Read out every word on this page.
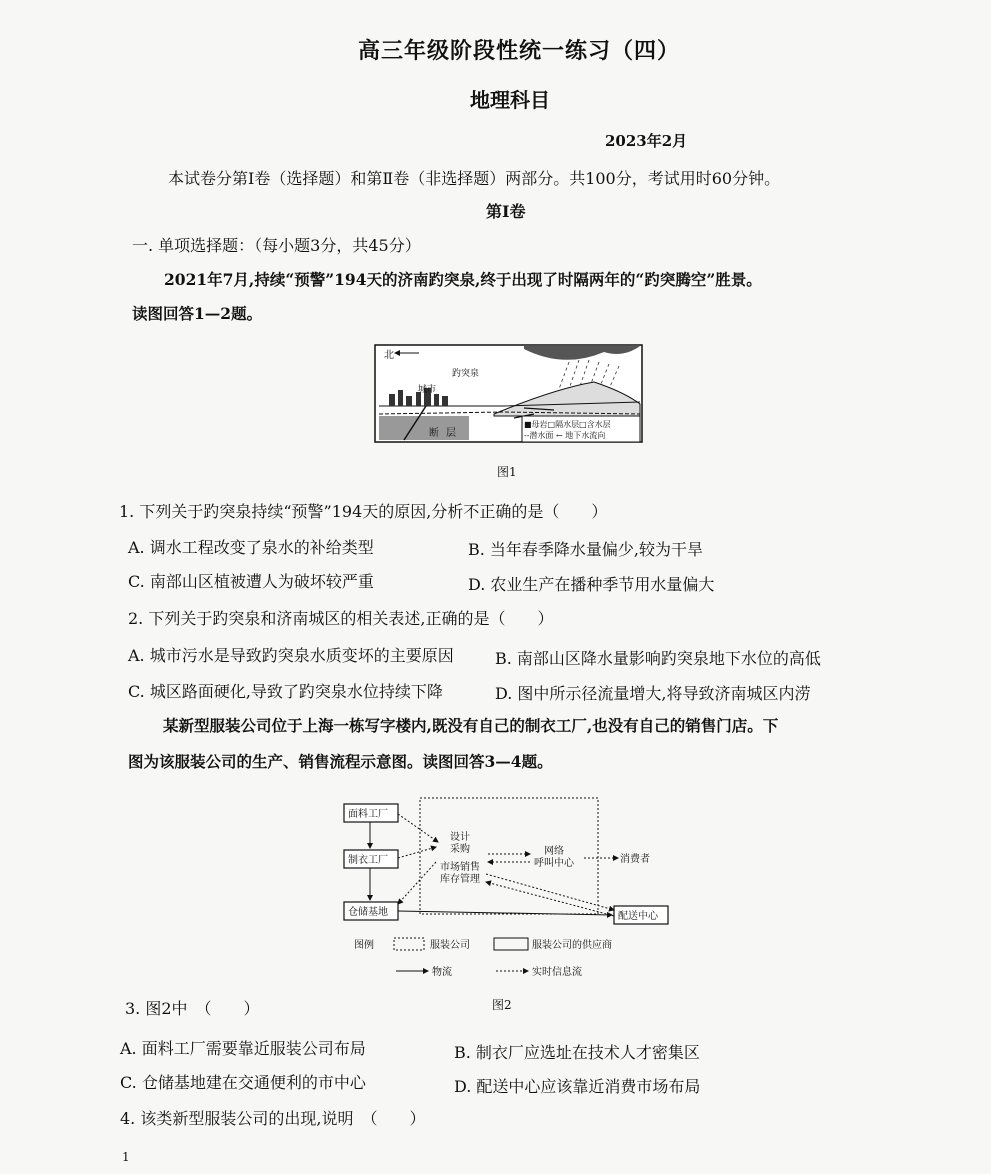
高三年级阶段性统一练习（四）
地理科目
2023年2月
本试卷分第Ⅰ卷（选择题）和第Ⅱ卷（非选择题）两部分。共100分，考试用时60分钟。
第Ⅰ卷
一. 单项选择题：（每小题3分，共45分）
2021年7月,持续“预警”194天的济南趵突泉,终于出现了时隔两年的“趵突腾空”胜景。
读图回答1—2题。
北
趵突泉
城市
断 层
■母岩□隔水层□含水层
--潜水面 ← 地下水流向
图1
1. 下列关于趵突泉持续“预警”194天的原因,分析不正确的是（　　）
A. 调水工程改变了泉水的补给类型	B. 当年春季降水量偏少,较为干旱
C. 南部山区植被遭人为破坏较严重	D. 农业生产在播种季节用水量偏大
2. 下列关于趵突泉和济南城区的相关表述,正确的是（　　）
A. 城市污水是导致趵突泉水质变坏的主要原因	B. 南部山区降水量影响趵突泉地下水位的高低
C. 城区路面硬化,导致了趵突泉水位持续下降	D. 图中所示径流量增大,将导致济南城区内涝
某新型服装公司位于上海一栋写字楼内,既没有自己的制衣工厂,也没有自己的销售门店。下
图为该服装公司的生产、销售流程示意图。读图回答3—4题。
面料工厂
制衣工厂
仓储基地
设计
采购
市场销售
库存管理
网络
呼叫中心	消费者
配送中心
图例	服装公司	服装公司的供应商
物流	实时信息流
图2
3. 图2中　（　　）
A. 面料工厂需要靠近服装公司布局	B. 制衣厂应选址在技术人才密集区
C. 仓储基地建在交通便利的市中心	D. 配送中心应该靠近消费市场布局
4. 该类新型服装公司的出现,说明　（　　）
1
